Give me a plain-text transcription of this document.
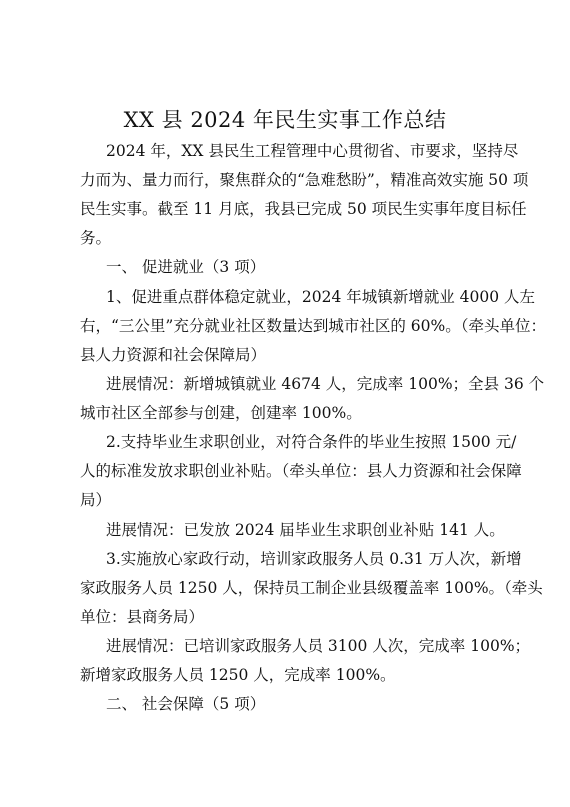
XX 县 2024 年民生实事工作总结
2024 年，XX 县民生工程管理中心贯彻省、市要求，坚持尽
力而为、量力而行，聚焦群众的“急难愁盼”，精准高效实施 50 项
民生实事。截至 11 月底，我县已完成 50 项民生实事年度目标任
务。
一、 促进就业（3 项）
1、促进重点群体稳定就业，2024 年城镇新增就业 4000 人左
右，“三公里”充分就业社区数量达到城市社区的 60%。（牵头单位：
县人力资源和社会保障局）
进展情况：新增城镇就业 4674 人，完成率 100%；全县 36 个
城市社区全部参与创建，创建率 100%。
2.支持毕业生求职创业，对符合条件的毕业生按照 1500 元/
人的标准发放求职创业补贴。（牵头单位：县人力资源和社会保障
局）
进展情况：已发放 2024 届毕业生求职创业补贴 141 人。
3.实施放心家政行动，培训家政服务人员 0.31 万人次，新增
家政服务人员 1250 人，保持员工制企业县级覆盖率 100%。（牵头
单位：县商务局）
进展情况：已培训家政服务人员 3100 人次，完成率 100%；
新增家政服务人员 1250 人，完成率 100%。
二、 社会保障（5 项）
